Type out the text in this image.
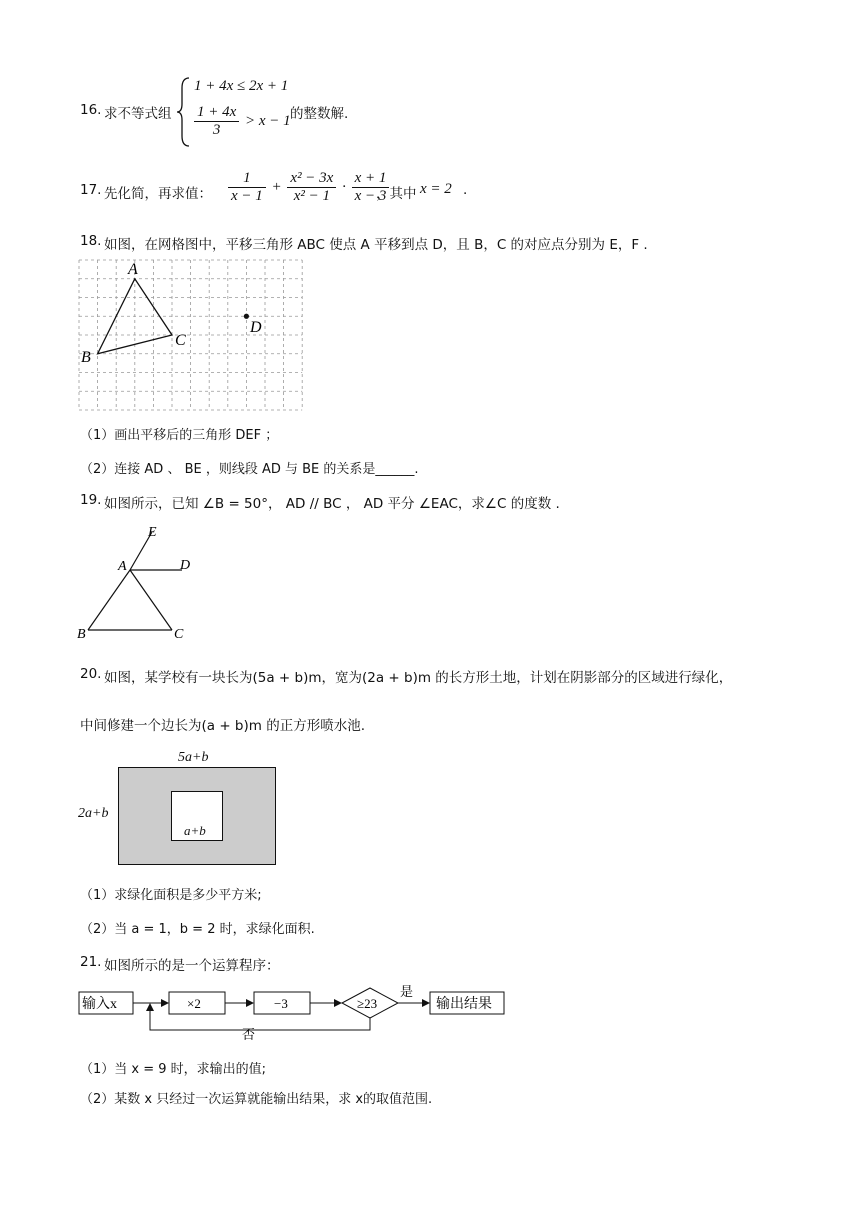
16. 求不等式组
1 + 4x ≤ 2x + 1
$\frac{1 + 4x}{3} > x - 1$ 的整数解.
17. 先化简，再求值： $\frac{1}{x - 1} + \frac{\text{x² − 3x}}{\text{x² − 1}} \cdot \frac{x + 1}{x - 3}$
，其中 x = 2 .
18. 如图，在网格图中，平移三角形 ABC 使点 A 平移到点 D，且 B，C 的对应点分别为 E，F .
A
B
C
D
（1）画出平移后的三角形 DEF ；
（2）连接 AD 、 BE ，则线段 AD 与 BE 的关系是______.
19. 如图所示，已知 ∠B = 50°， AD // BC ， AD 平分 ∠EAC，求∠C 的度数 .
E
A	D
B	C
20. 如图，某学校有一块长为(5a + b)m，宽为(2a + b)m 的长方形土地，计划在阴影部分的区域进行绿化，
中间修建一个边长为(a + b)m 的正方形喷水池.
5a+b
2a+b
a+b
（1）求绿化面积是多少平方米;
（2）当 a = 1，b = 2 时，求绿化面积.
21. 如图所示的是一个运算程序：
输入x	×2	−3	≥23
是
输出结果
否
（1）当 x = 9 时，求输出的值;
（2）某数 x 只经过一次运算就能输出结果，求 x的取值范围.
